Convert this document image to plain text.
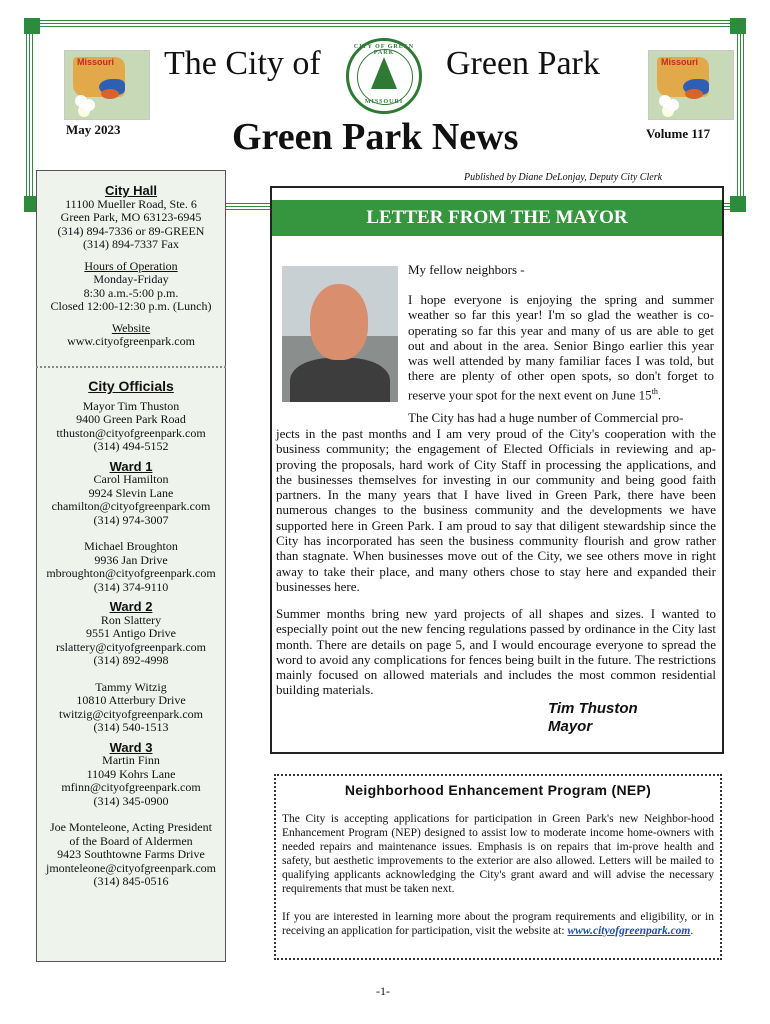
Missouri	Missouri
The City of	CITY OF GREEN PARK
MISSOURI
Green Park
May 2023	Green Park News	Volume 117
Published by Diane DeLonjay, Deputy City Clerk
City Hall
11100 Mueller Road, Ste. 6
Green Park, MO 63123-6945
(314) 894-7336 or 89-GREEN
(314) 894-7337 Fax
Hours of Operation
Monday-Friday
8:30 a.m.-5:00 p.m.
Closed 12:00-12:30 p.m. (Lunch)
Website
www.cityofgreenpark.com
City Officials
Mayor Tim Thuston
9400 Green Park Road
tthuston@cityofgreenpark.com
(314) 494-5152
Ward 1
Carol Hamilton
9924 Slevin Lane
chamilton@cityofgreenpark.com
(314) 974-3007
Michael Broughton
9936 Jan Drive
mbroughton@cityofgreenpark.com
(314) 374-9110
Ward 2
Ron Slattery
9551 Antigo Drive
rslattery@cityofgreenpark.com
(314) 892-4998
Tammy Witzig
10810 Atterbury Drive
twitzig@cityofgreenpark.com
(314) 540-1513
Ward 3
Martin Finn
11049 Kohrs Lane
mfinn@cityofgreenpark.com
(314) 345-0900
Joe Monteleone, Acting President
of the Board of Aldermen
9423 Southtowne Farms Drive
jmonteleone@cityofgreenpark.com
(314) 845-0516
LETTER FROM THE MAYOR
My fellow neighbors -
I hope everyone is enjoying the spring and summer weather so far this year! I'm so glad the weather is co-operating so far this year and many of us are able to get out and about in the area. Senior Bingo earlier this year was well attended by many familiar faces I was told, but there are plenty of other open spots, so don't forget to reserve your spot for the next event on June 15th.
The City has had a huge number of Commercial pro-
jects in the past months and I am very proud of the City's cooperation with the business community; the engagement of Elected Officials in reviewing and ap-proving the proposals, hard work of City Staff in processing the applications, and the businesses themselves for investing in our community and being good faith partners. In the many years that I have lived in Green Park, there have been numerous changes to the business community and the developments we have supported here in Green Park. I am proud to say that diligent stewardship since the City has incorporated has seen the business community flourish and grow rather than stagnate. When businesses move out of the City, we see others move in right away to take their place, and many others chose to stay here and expanded their businesses here.
Summer months bring new yard projects of all shapes and sizes. I wanted to especially point out the new fencing regulations passed by ordinance in the City last month. There are details on page 5, and I would encourage everyone to spread the word to avoid any complications for fences being built in the future. The restrictions mainly focused on allowed materials and includes the most common residential building materials.
Tim Thuston
Mayor
Neighborhood Enhancement Program (NEP)
The City is accepting applications for participation in Green Park's new Neighbor-hood Enhancement Program (NEP) designed to assist low to moderate income home-owners with needed repairs and maintenance issues. Emphasis is on repairs that im-prove health and safety, but aesthetic improvements to the exterior are also allowed. Letters will be mailed to qualifying applicants acknowledging the City's grant award and will advise the necessary requirements that must be taken next.
If you are interested in learning more about the program requirements and eligibility, or in receiving an application for participation, visit the website at: www.cityofgreenpark.com.
-1-
